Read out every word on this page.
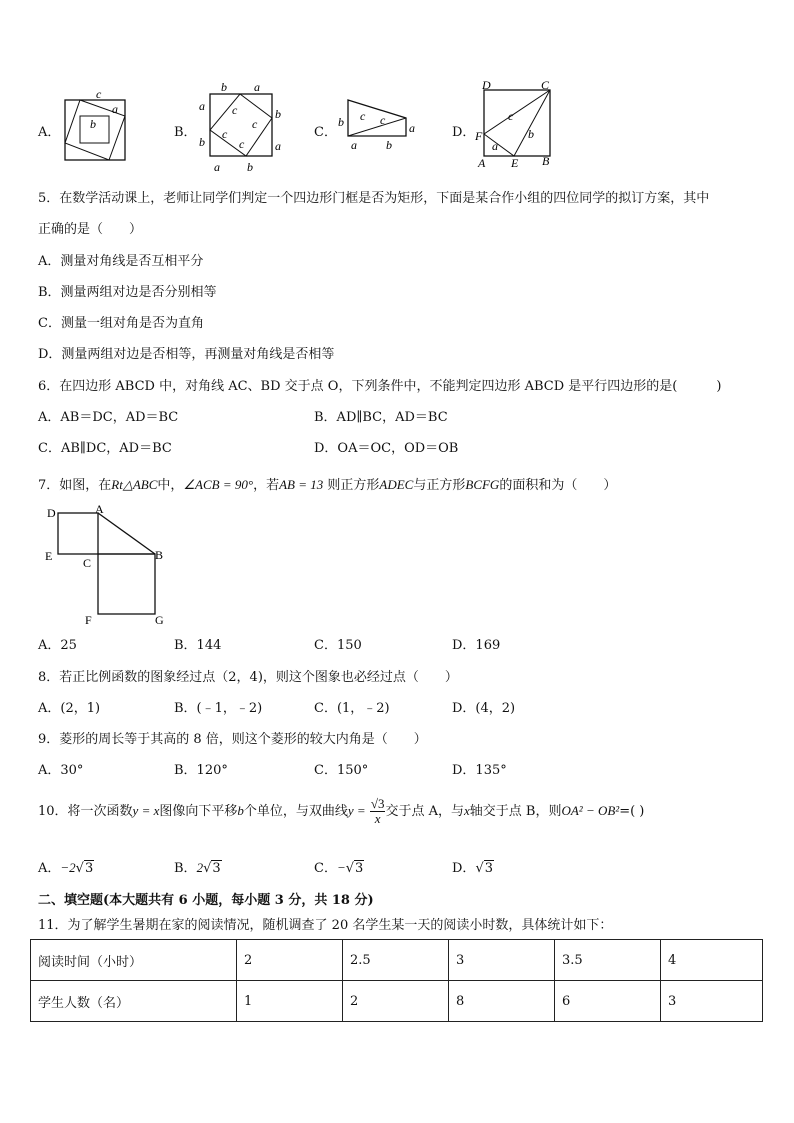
A．
c
a
b
B．
b a
a
b
b
a
a b
c
c
c
c
C．
b c c
a
a b
D．
D	C
F
A E B
c
b
a
5．在数学活动课上，老师让同学们判定一个四边形门框是否为矩形，下面是某合作小组的四位同学的拟订方案，其中
正确的是（　　）
A．测量对角线是否互相平分
B．测量两组对边是否分别相等
C．测量一组对角是否为直角
D．测量两组对边是否相等，再测量对角线是否相等
6．在四边形 ABCD 中，对角线 AC、BD 交于点 O，下列条件中，不能判定四边形 ABCD 是平行四边形的是(　　　)
A．AB＝DC，AD＝BC	B．AD∥BC，AD＝BC
C．AB∥DC，AD＝BC	D．OA＝OC，OD＝OB
7．如图，在Rt△ABC中，∠ACB = 90°，若AB = 13 则正方形ADEC与正方形BCFG的面积和为（　　）
D	A
E	C
B
F	G
A．25	B．144	C．150	D．169
8．若正比例函数的图象经过点（2，4)，则这个图象也必经过点（　　）
A．(2，1)	B．(﹣1，﹣2)	C．(1，﹣2)	D．(4，2)
9．菱形的周长等于其高的 8 倍，则这个菱形的较大内角是（　　）
A．30°	B．120°	C．150°	D．135°
10．将一次函数y = x图像向下平移b个单位，与双曲线$y = \frac{√3}{x}$ 交于点 A，与x轴交于点 B，则OA² − OB²=( )
A．−2√3	B．2√3	C．−√3	D．√3
二、填空题(本大题共有 6 小题，每小题 3 分，共 18 分)
11．为了解学生暑期在家的阅读情况，随机调查了 20 名学生某一天的阅读小时数，具体统计如下：
阅读时间（小时）	2	2.5	3	3.5	4
学生人数（名）	1	2	8	6	3
